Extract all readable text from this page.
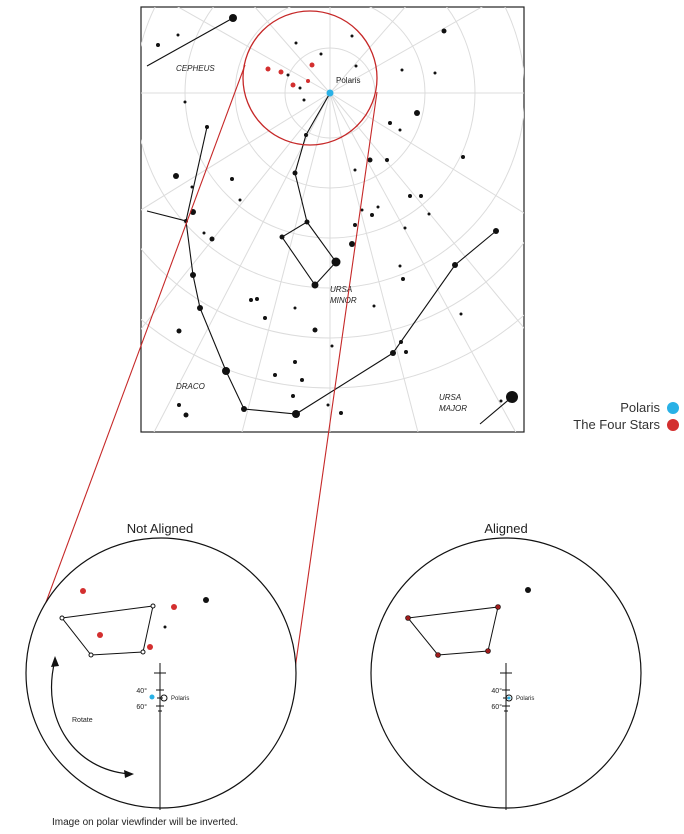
CEPHEUS
Polaris
URSA
MINOR
DRACO
URSA
MAJOR
Not Aligned
40°
60°
Polaris
Rotate
Aligned
40°
60°
Polaris
Polaris
The Four Stars
Image on polar viewfinder will be inverted.
